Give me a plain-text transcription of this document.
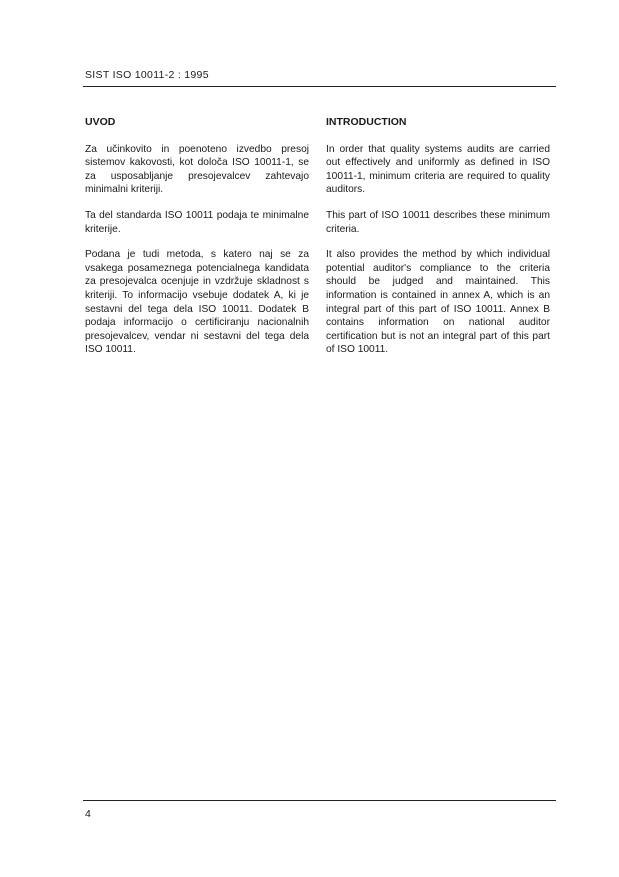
SIST ISO 10011-2 : 1995
UVOD

Za učinkovito in poenoteno izvedbo presoj sistemov kakovosti, kot določa ISO 10011-1, se za usposabljanje presojevalcev zahtevajo minimalni kriteriji.

Ta del standarda ISO 10011 podaja te minimalne kriterije.

Podana je tudi metoda, s katero naj se za vsakega posameznega potencialnega kandidata za presojevalca ocenjuje in vzdržuje skladnost s kriteriji. To informacijo vsebuje dodatek A, ki je sestavni del tega dela ISO 10011. Dodatek B podaja informacijo o certificiranju nacionalnih presojevalcev, vendar ni sestavni del tega dela ISO 10011.

INTRODUCTION

In order that quality systems audits are carried out effectively and uniformly as defined in ISO 10011-1, minimum criteria are required to quality auditors.

This part of ISO 10011 describes these minimum criteria.

It also provides the method by which individual potential auditor's compliance to the criteria should be judged and maintained. This information is contained in annex A, which is an integral part of this part of ISO 10011. Annex B contains information on national auditor certification but is not an integral part of this part of ISO 10011.

4
